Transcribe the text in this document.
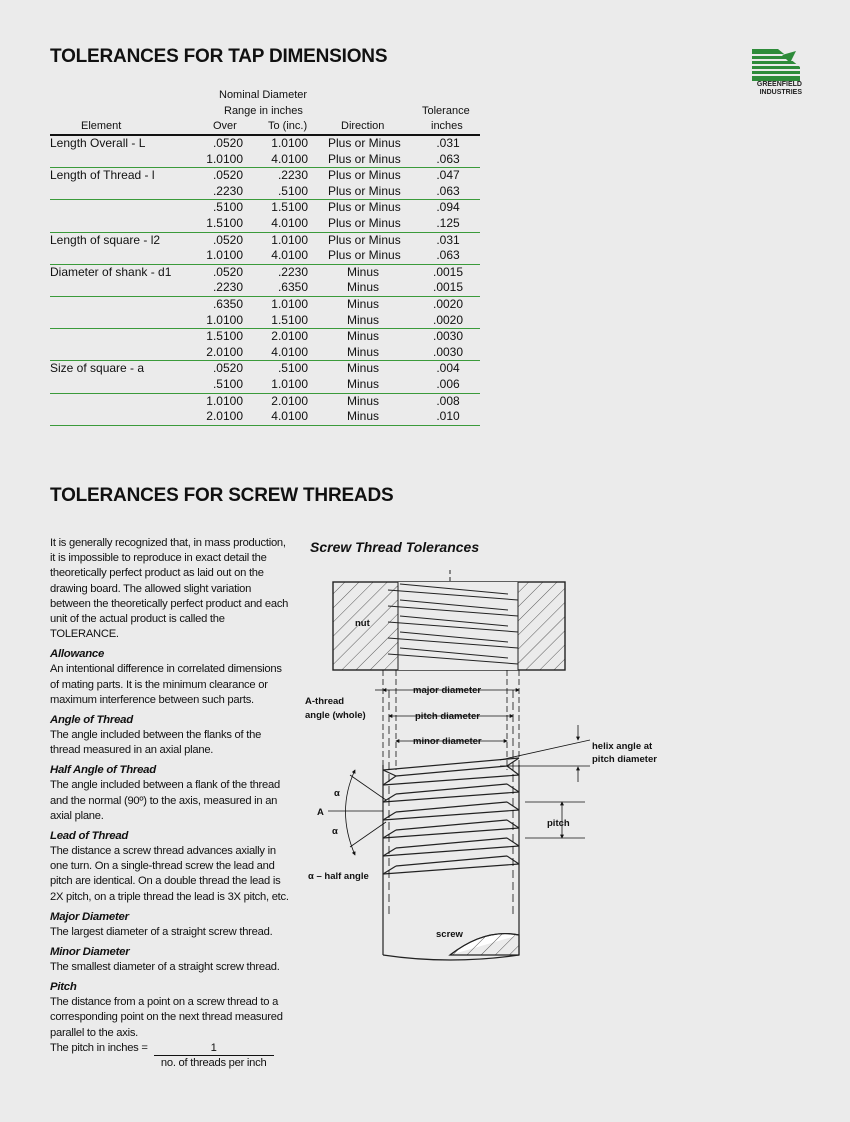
TOLERANCES FOR TAP DIMENSIONS
GREENFIELD
INDUSTRIES
Nominal Diameter
Range in inches
Element	Over	To (inc.)	Direction
Tolerance
inches
Length Overall - L	.0520 1.0100 Plus or Minus	.031
1.0100 4.0100 Plus or Minus	.063
Length of Thread - l	.0520	.2230 Plus or Minus	.047
.2230	.5100 Plus or Minus	.063
.5100 1.5100 Plus or Minus	.094
1.5100 4.0100 Plus or Minus	.125
Length of square - l2	.0520 1.0100 Plus or Minus	.031
1.0100 4.0100 Plus or Minus	.063
Diameter of shank - d1	.0520	.2230	Minus	.0015
.2230	.6350	Minus	.0015
.6350 1.0100	Minus	.0020
1.0100 1.5100	Minus	.0020
1.5100 2.0100	Minus	.0030
2.0100 4.0100	Minus	.0030
Size of square - a	.0520	.5100	Minus	.004
.5100 1.0100	Minus	.006
1.0100 2.0100	Minus	.008
2.0100 4.0100	Minus	.010
TOLERANCES FOR SCREW THREADS

It is generally recognized that, in mass production, it is impossible to reproduce in exact detail the theoretically perfect product as laid out on the drawing board. The allowed slight variation between the theoretically perfect product and each unit of the actual product is called the TOLERANCE.

Allowance

An intentional difference in correlated dimensions of mating parts. It is the minimum clearance or maximum interference between such parts.

Angle of Thread

The angle included between the flanks of the thread measured in an axial plane.

Half Angle of Thread

The angle included between a flank of the thread and the normal (90º) to the axis, measured in an axial plane.

Lead of Thread

The distance a screw thread advances axially in one turn. On a single-thread screw the lead and pitch are identical. On a double thread the lead is 2X pitch, on a triple thread the lead is 3X pitch, etc.

Major Diameter

The largest diameter of a straight screw thread.

Minor Diameter

The smallest diameter of a straight screw thread.

Pitch

The distance from a point on a screw thread to a corresponding point on the next thread measured parallel to the axis.

The pitch in inches = $\frac{1}{\text{no. of threads per inch}}$
Screw Thread Tolerances
nut
major diameter
A-thread
angle (whole)	pitch diameter
minor diameter	helix angle at
pitch diameter
α
A
α
pitch
α – half angle
screw
